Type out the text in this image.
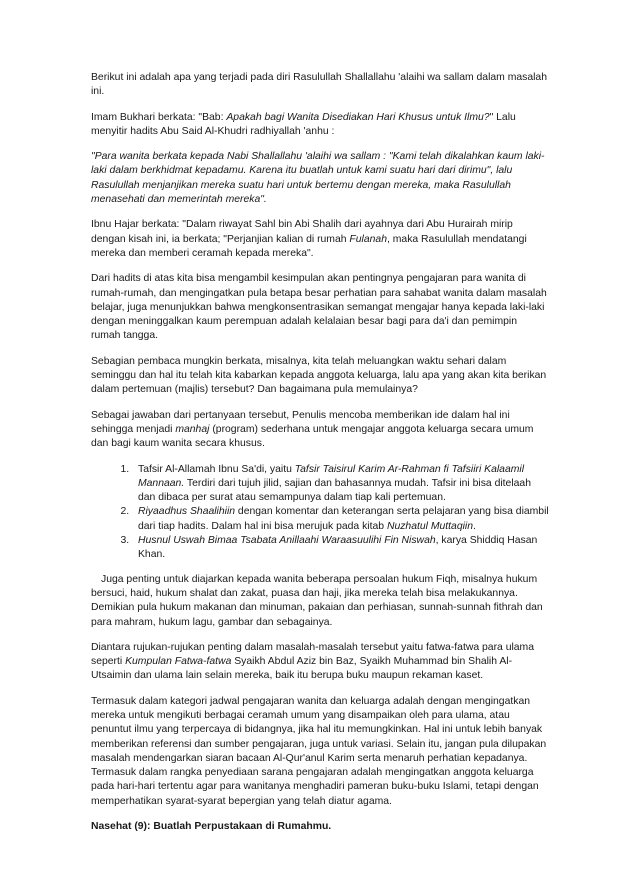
Berikut ini adalah apa yang terjadi pada diri Rasulullah Shallallahu 'alaihi wa sallam dalam masalah ini.

Imam Bukhari berkata: "Bab: Apakah bagi Wanita Disediakan Hari Khusus untuk Ilmu?" Lalu menyitir hadits Abu Said Al-Khudri radhiyallah 'anhu :

"Para wanita berkata kepada Nabi Shallallahu 'alaihi wa sallam : "Kami telah dikalahkan kaum laki-laki dalam berkhidmat kepadamu. Karena itu buatlah untuk kami suatu hari dari dirimu", lalu Rasulullah menjanjikan mereka suatu hari untuk bertemu dengan mereka, maka Rasulullah menasehati dan memerintah mereka".

Ibnu Hajar berkata: "Dalam riwayat Sahl bin Abi Shalih dari ayahnya dari Abu Hurairah mirip dengan kisah ini, ia berkata; "Perjanjian kalian di rumah Fulanah, maka Rasulullah mendatangi mereka dan memberi ceramah kepada mereka".

Dari hadits di atas kita bisa mengambil kesimpulan akan pentingnya pengajaran para wanita di rumah-rumah, dan mengingatkan pula betapa besar perhatian para sahabat wanita dalam masalah belajar, juga menunjukkan bahwa mengkonsentrasikan semangat mengajar hanya kepada laki-laki dengan meninggalkan kaum perempuan adalah kelalaian besar bagi para da'i dan pemimpin rumah tangga.

Sebagian pembaca mungkin berkata, misalnya, kita telah meluangkan waktu sehari dalam seminggu dan hal itu telah kita kabarkan kepada anggota keluarga, lalu apa yang akan kita berikan dalam pertemuan (majlis) tersebut? Dan bagaimana pula memulainya?

Sebagai jawaban dari pertanyaan tersebut, Penulis mencoba memberikan ide dalam hal ini sehingga menjadi manhaj (program) sederhana untuk mengajar anggota keluarga secara umum dan bagi kaum wanita secara khusus.

1. Tafsir Al-Allamah Ibnu Sa'di, yaitu Tafsir Taisirul Karim Ar-Rahman fi Tafsiiri Kalaamil Mannaan. Terdiri dari tujuh jilid, sajian dan bahasannya mudah. Tafsir ini bisa ditelaah dan dibaca per surat atau semampunya dalam tiap kali pertemuan.
2. Riyaadhus Shaalihiin dengan komentar dan keterangan serta pelajaran yang bisa diambil dari tiap hadits. Dalam hal ini bisa merujuk pada kitab Nuzhatul Muttaqiin.
3. Husnul Uswah Bimaa Tsabata Anillaahi Waraasuulihi Fin Niswah, karya Shiddiq Hasan Khan.

Juga penting untuk diajarkan kepada wanita beberapa persoalan hukum Fiqh, misalnya hukum bersuci, haid, hukum shalat dan zakat, puasa dan haji, jika mereka telah bisa melakukannya. Demikian pula hukum makanan dan minuman, pakaian dan perhiasan, sunnah-sunnah fithrah dan para mahram, hukum lagu, gambar dan sebagainya.

Diantara rujukan-rujukan penting dalam masalah-masalah tersebut yaitu fatwa-fatwa para ulama seperti Kumpulan Fatwa-fatwa Syaikh Abdul Aziz bin Baz, Syaikh Muhammad bin Shalih Al-Utsaimin dan ulama lain selain mereka, baik itu berupa buku maupun rekaman kaset.

Termasuk dalam kategori jadwal pengajaran wanita dan keluarga adalah dengan mengingatkan mereka untuk mengikuti berbagai ceramah umum yang disampaikan oleh para ulama, atau penuntut ilmu yang terpercaya di bidangnya, jika hal itu memungkinkan. Hal ini untuk lebih banyak memberikan referensi dan sumber pengajaran, juga untuk variasi. Selain itu, jangan pula dilupakan masalah mendengarkan siaran bacaan Al-Qur'anul Karim serta menaruh perhatian kepadanya. Termasuk dalam rangka penyediaan sarana pengajaran adalah mengingatkan anggota keluarga pada hari-hari tertentu agar para wanitanya menghadiri pameran buku-buku Islami, tetapi dengan memperhatikan syarat-syarat bepergian yang telah diatur agama.

Nasehat (9): Buatlah Perpustakaan di Rumahmu.
